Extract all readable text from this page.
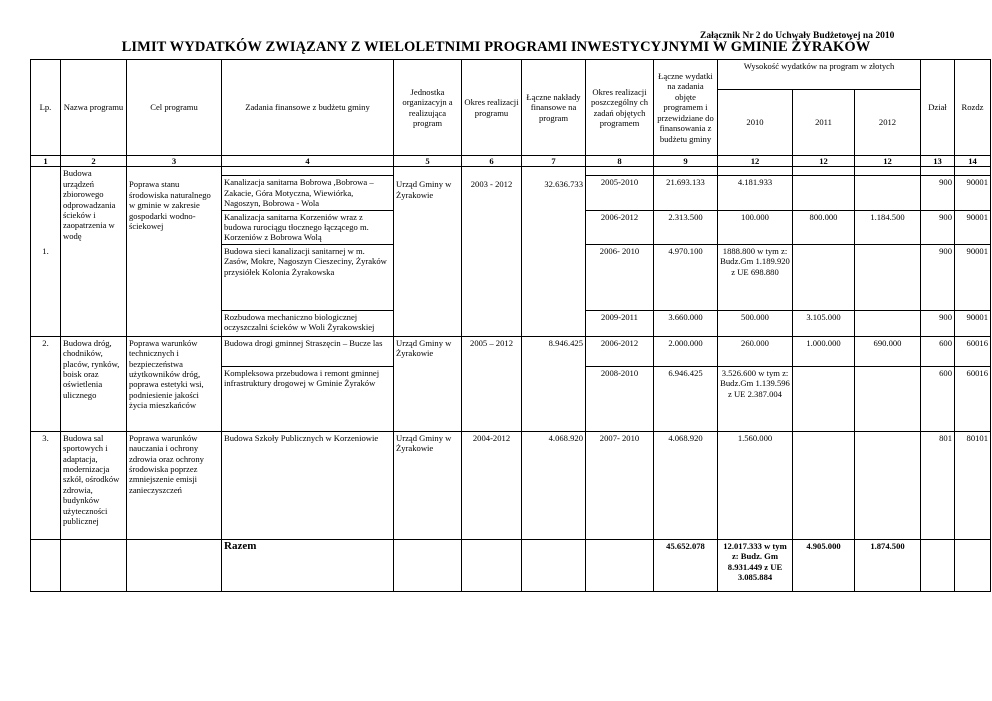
Załącznik Nr 2 do Uchwały Budżetowej na 2010
LIMIT WYDATKÓW ZWIĄZANY Z WIELOLETNIMI PROGRAMI INWESTYCYJNYMI W GMINIE ŻYRAKÓW
Lp.	Nazwa programu	Cel programu	Zadania finansowe z budżetu gminy	Jednostka organizacyjn a realizująca program	Okres realizacji programu	Łączne nakłady finansowe na program	Okres realizacji poszczególny ch zadań objętych programem	Łączne wydatki na zadania objęte programem i przewidziane do finansowania z budżetu gminy	Wysokość wydatków na program w złotych			Dział	Rozdz
									2010	2011	2012		
1	2	3	4	5	6	7	8	9	12	12	12	13	14
1.	Budowa urządzeń zbiorowego odprowadzania ścieków i zaopatrzenia w wodę	Poprawa stanu środowiska naturalnego w gminie w zakresie gospodarki wodno-ściekowej		Urząd Gminy w Żyrakowie	2003 - 2012	32.636.733							
			Kanalizacja sanitarna Bobrowa ,Bobrowa – Zakacie, Góra Motyczna, Wiewiórka, Nagoszyn, Bobrowa - Wola				2005-2010	21.693.133	4.181.933			900	90001
			Kanalizacja sanitarna Korzeniów wraz z budowa rurociągu tłocznego łączącego m. Korzeniów z Bobrowa Wolą				2006-2012	2.313.500	100.000	800.000	1.184.500	900	90001
			Budowa sieci kanalizacji sanitarnej w m. Zasów, Mokre, Nagoszyn Cieszeciny, Żyraków przysiółek Kolonia Żyrakowska				2006- 2010	4.970.100	1888.800 w tym z: Budz.Gm 1.189.920 z UE 698.880			900	90001
			Rozbudowa mechaniczno biologicznej oczyszczalni ścieków w Woli Żyrakowskiej				2009-2011	3.660.000	500.000	3.105.000		900	90001
2.	Budowa dróg, chodników, placów, rynków, boisk oraz oświetlenia ulicznego	Poprawa warunków technicznych i bezpieczeństwa użytkowników dróg, poprawa estetyki wsi, podniesienie jakości życia mieszkańców	Budowa drogi gminnej Straszęcin – Bucze las	Urząd Gminy w Żyrakowie	2005 – 2012	8.946.425	2006-2012	2.000.000	260.000	1.000.000	690.000	600	60016
			Kompleksowa przebudowa i remont gminnej infrastruktury drogowej w Gminie Żyraków				2008-2010	6.946.425	3.526.600 w tym z: Budz.Gm 1.139.596 z UE 2.387.004			600	60016
3.	Budowa sal sportowych i adaptacja, modernizacja szkół, ośrodków zdrowia, budynków użyteczności publicznej	Poprawa warunków nauczania i ochrony zdrowia oraz ochrony środowiska poprzez zmniejszenie emisji zanieczyszczeń	Budowa Szkoły Publicznych w Korzeniowie	Urząd Gminy w Żyrakowie	2004-2012	4.068.920	2007- 2010	4.068.920	1.560.000			801	80101
			Razem					45.652.078	12.017.333 w tym z: Budz. Gm 8.931.449 z UE 3.085.884	4.905.000	1.874.500		
